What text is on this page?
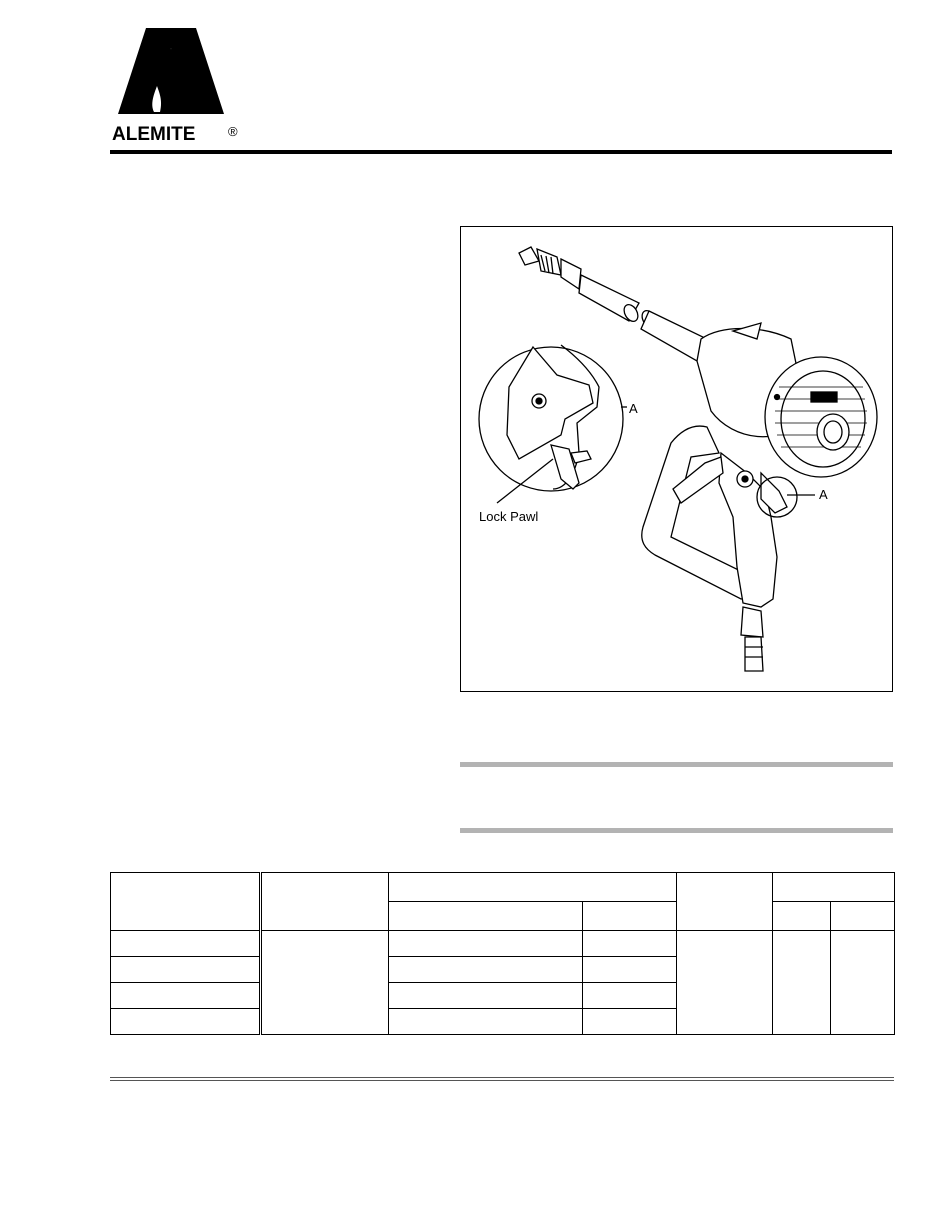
ALEMITE	®
A
A
Lock Pawl
